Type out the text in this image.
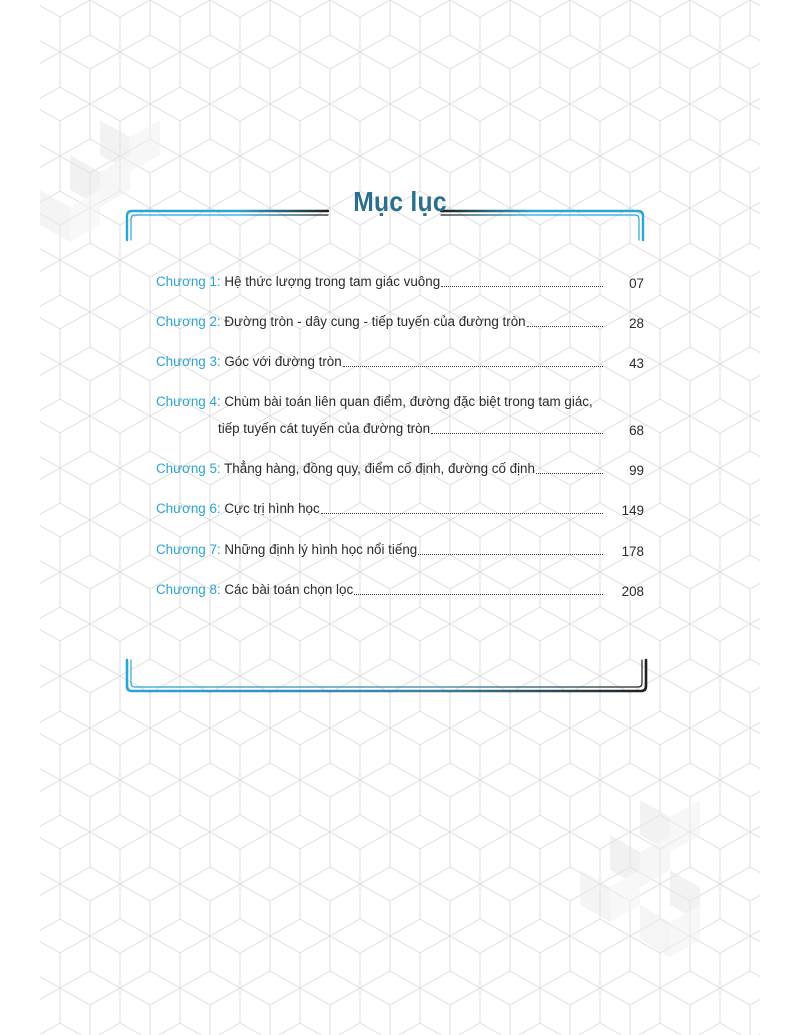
Mục lục
Chương 1: Hệ thức lượng trong tam giác vuông	07
Chương 2: Đường tròn - dây cung - tiếp tuyến của đường tròn	28
Chương 3: Góc với đường tròn	43
Chương 4: Chùm bài toán liên quan điểm, đường đặc biệt trong tam giác,
tiếp tuyến cát tuyến của đường tròn	68
Chương 5: Thẳng hàng, đồng quy, điểm cố định, đường cố định	99
Chương 6: Cực trị hình học	149
Chương 7: Những định lý hình học nổi tiếng	178
Chương 8: Các bài toán chọn lọc	208
